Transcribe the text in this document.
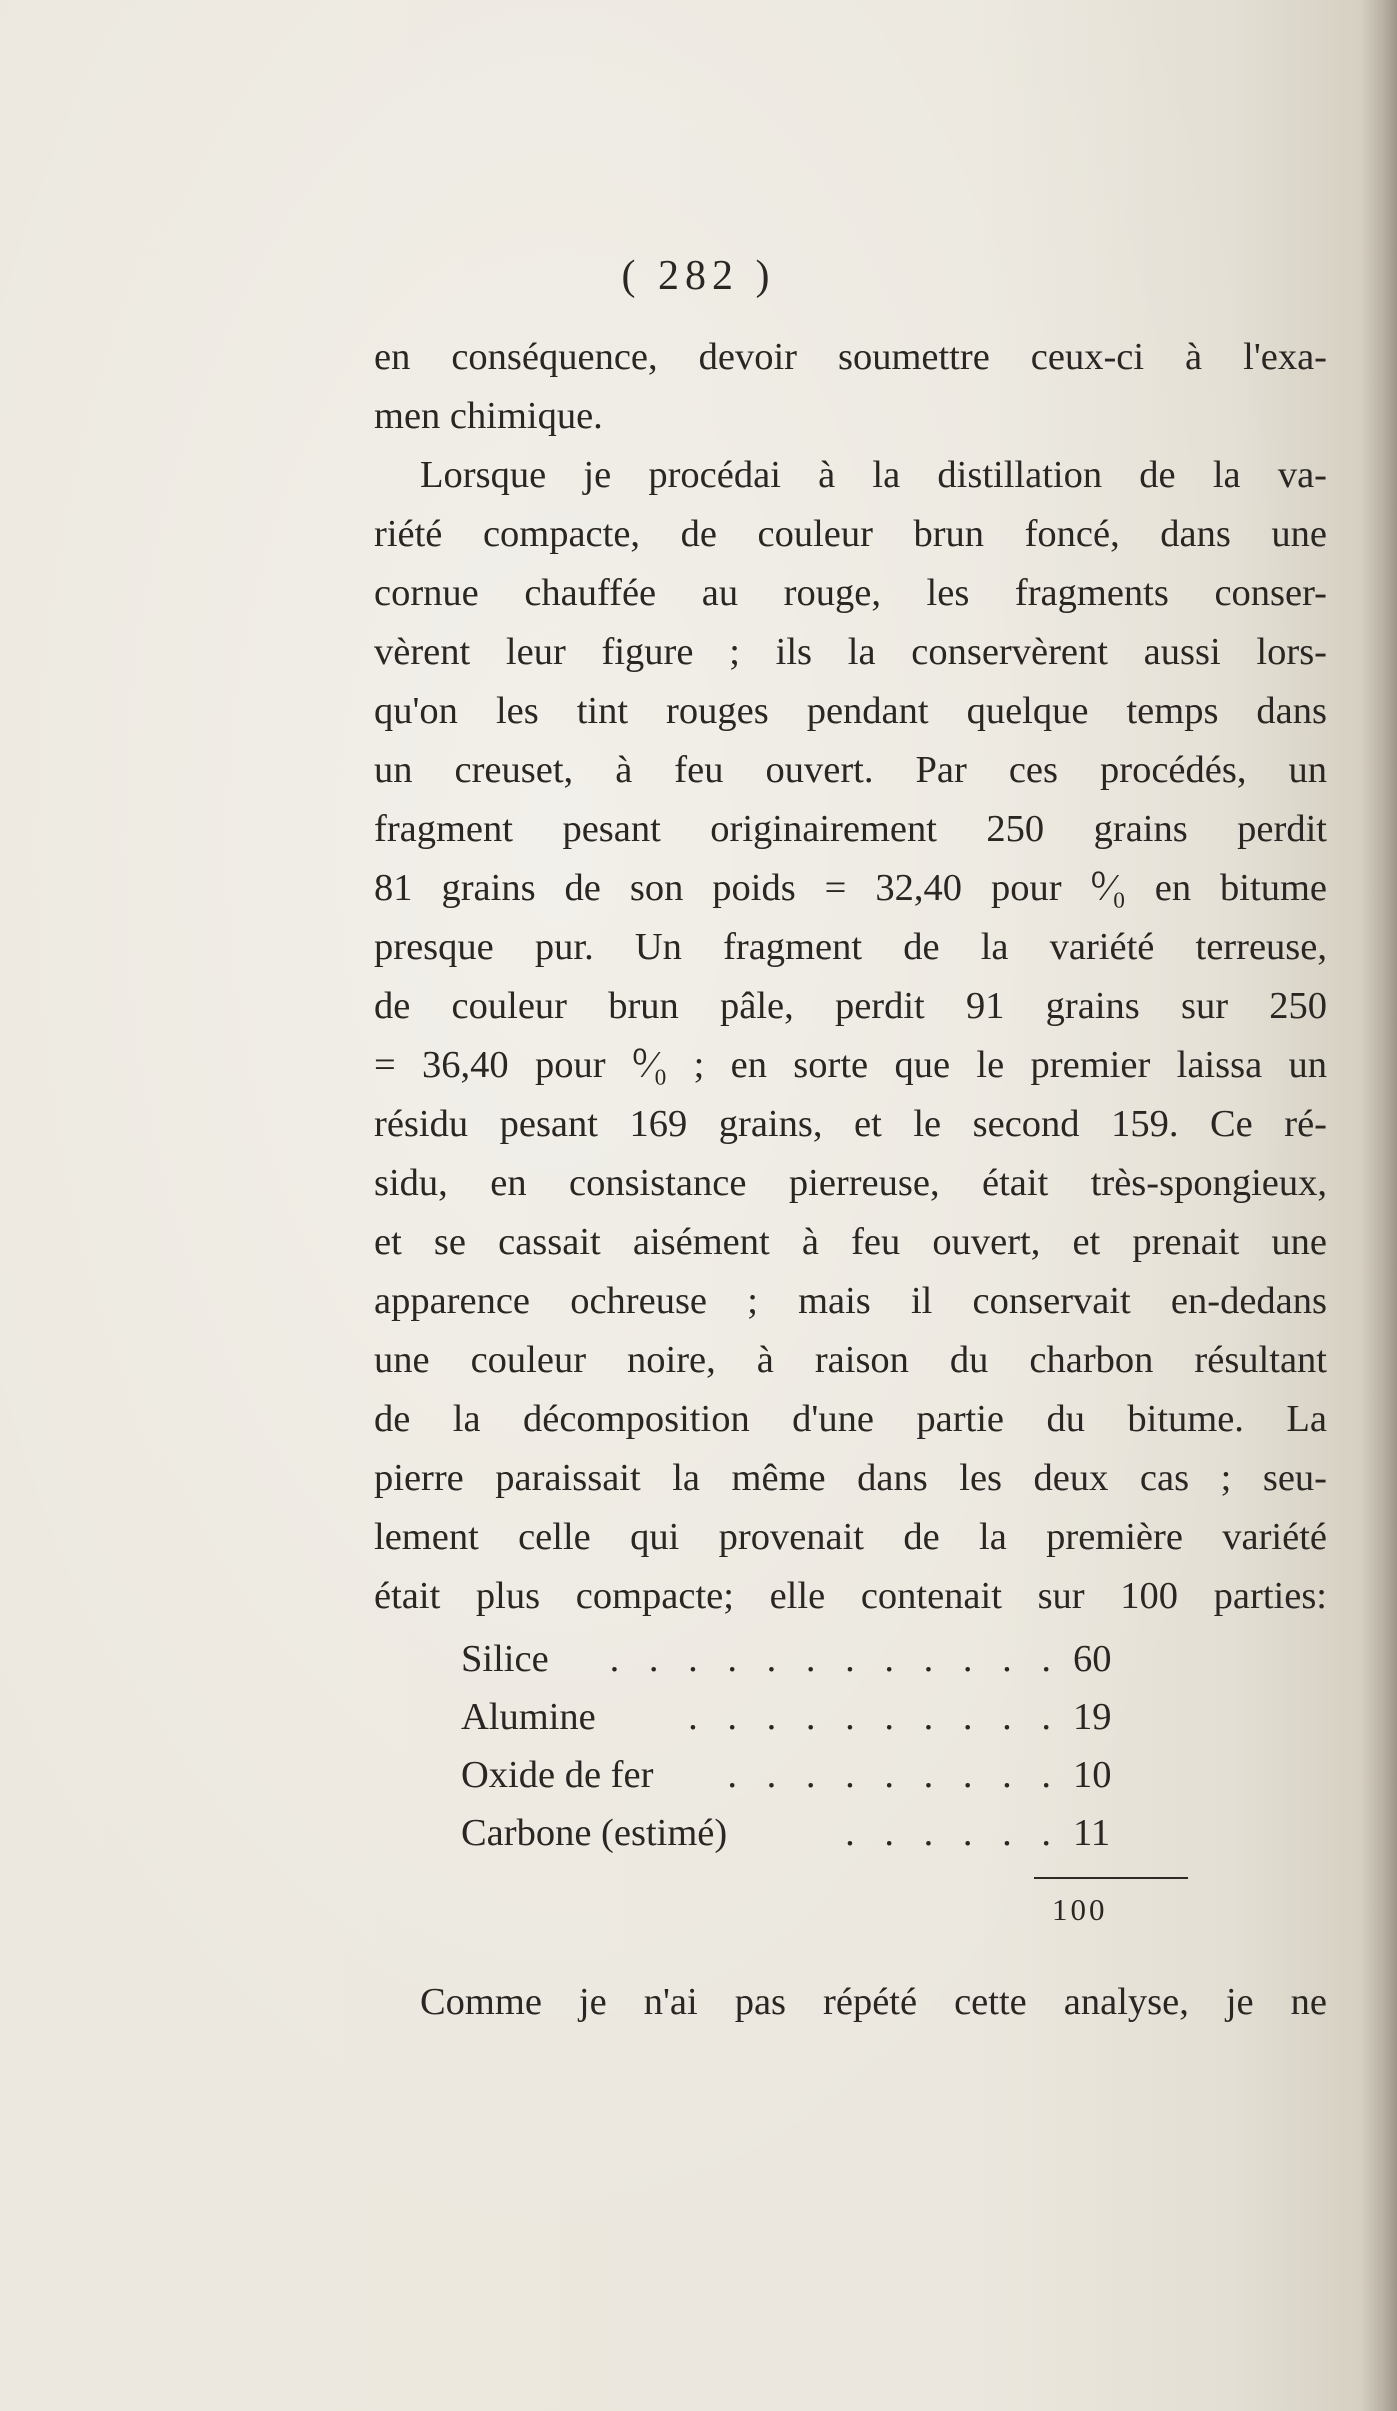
( 282 )
en conséquence, devoir soumettre ceux-ci à l'exa-
men chimique.
Lorsque je procédai à la distillation de la va-
riété compacte, de couleur brun foncé, dans une
cornue chauffée au rouge, les fragments conser-
vèrent leur figure ; ils la conservèrent aussi lors-
qu'on les tint rouges pendant quelque temps dans
un creuset, à feu ouvert. Par ces procédés, un
fragment pesant originairement 250 grains perdit
81 grains de son poids = 32,40 pour ⁰⁄₀ en bitume
presque pur. Un fragment de la variété terreuse,
de couleur brun pâle, perdit 91 grains sur 250
= 36,40 pour ⁰⁄₀ ; en sorte que le premier laissa un
résidu pesant 169 grains, et le second 159. Ce ré-
sidu, en consistance pierreuse, était très-spongieux,
et se cassait aisément à feu ouvert, et prenait une
apparence ochreuse ; mais il conservait en-dedans
une couleur noire, à raison du charbon résultant
de la décomposition d'une partie du bitume. La
pierre paraissait la même dans les deux cas ; seu-
lement celle qui provenait de la première variété
était plus compacte; elle contenait sur 100 parties:
Silice . . . . . . . . . . . . 60
Alumine . . . . . . . . . . 19
Oxide de fer . . . . . . . . . 10
Carbone (estimé)	. . . . . . 11
100
Comme je n'ai pas répété cette analyse, je ne
